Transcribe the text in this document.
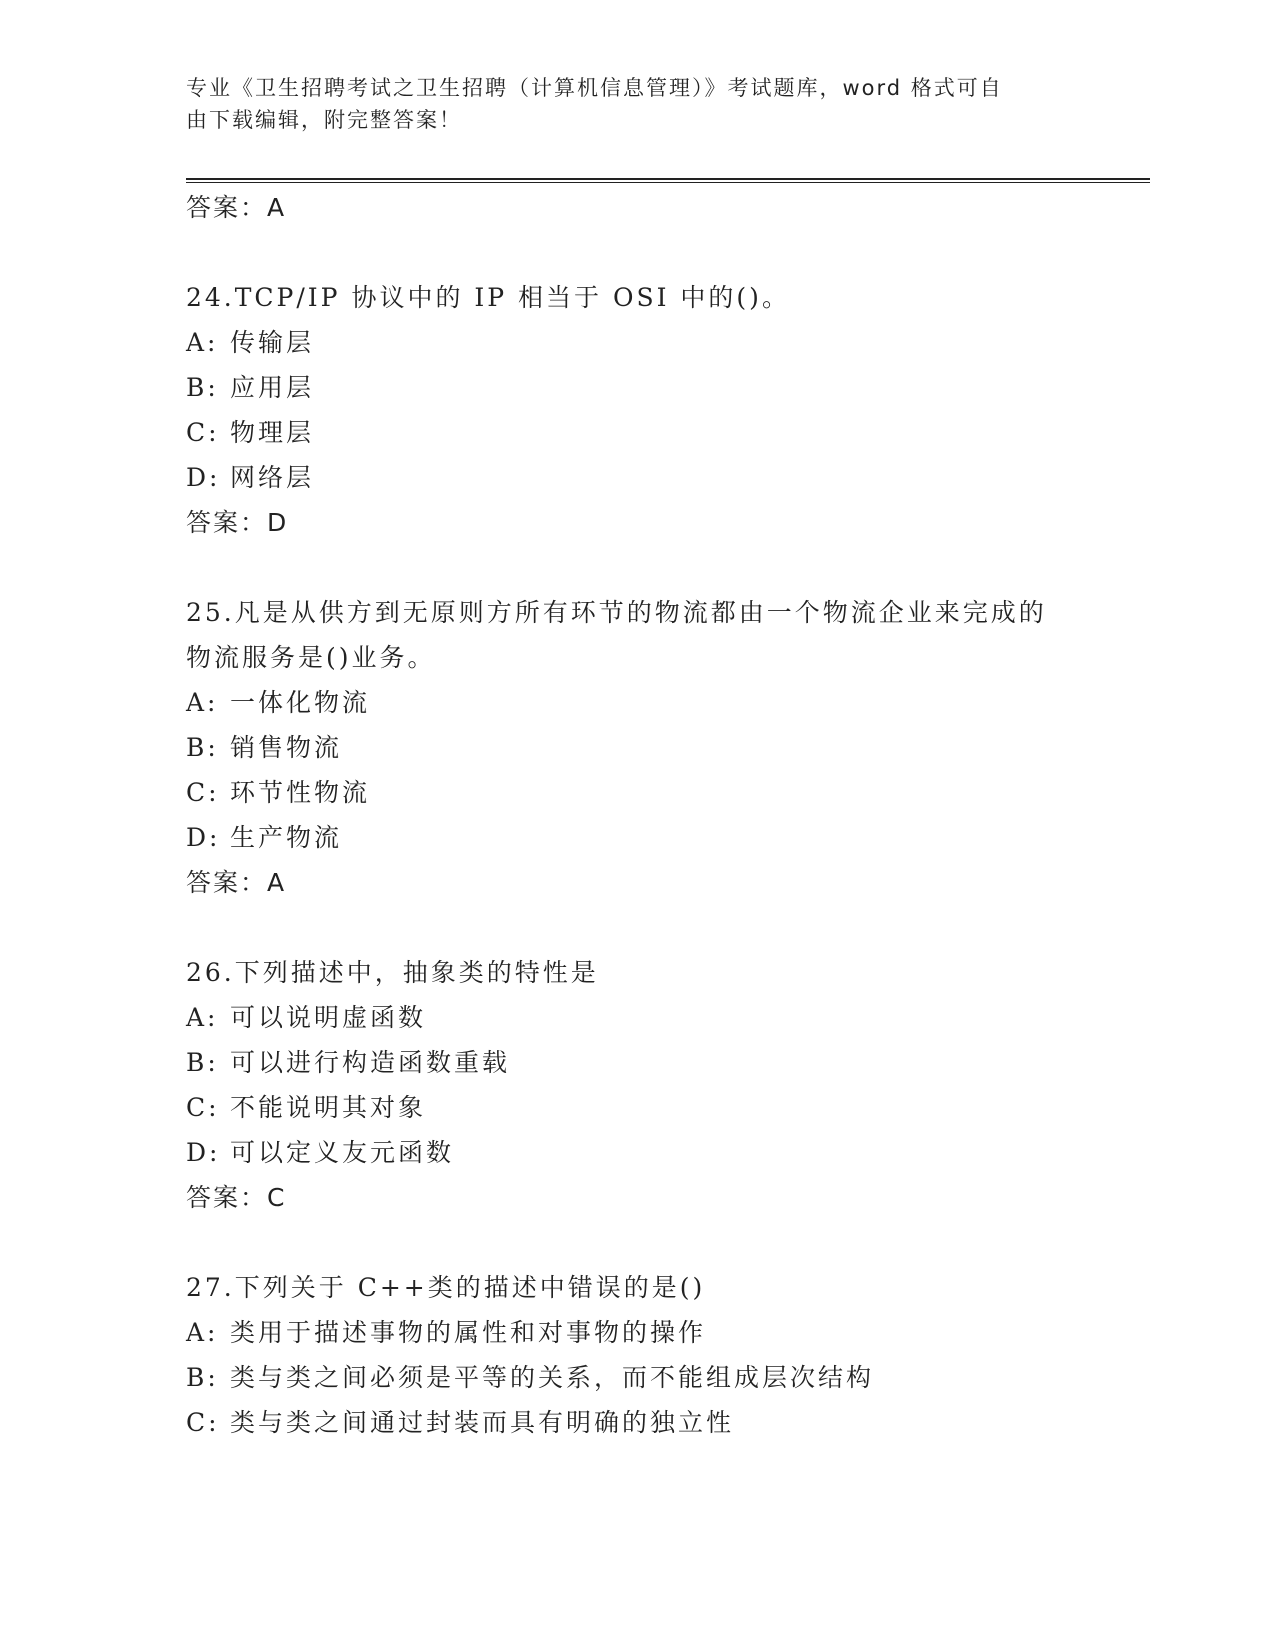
专业《卫生招聘考试之卫生招聘（计算机信息管理）》考试题库，word 格式可自
由下载编辑，附完整答案！
答案：A
24.TCP/IP 协议中的 IP 相当于 OSI 中的()。
A: 传输层
B: 应用层
C: 物理层
D: 网络层
答案：D
25.凡是从供方到无原则方所有环节的物流都由一个物流企业来完成的
物流服务是()业务。
A: 一体化物流
B: 销售物流
C: 环节性物流
D: 生产物流
答案：A
26.下列描述中，抽象类的特性是
A: 可以说明虚函数
B: 可以进行构造函数重载
C: 不能说明其对象
D: 可以定义友元函数
答案：C
27.下列关于 C++类的描述中错误的是()
A: 类用于描述事物的属性和对事物的操作
B: 类与类之间必须是平等的关系，而不能组成层次结构
C: 类与类之间通过封装而具有明确的独立性
